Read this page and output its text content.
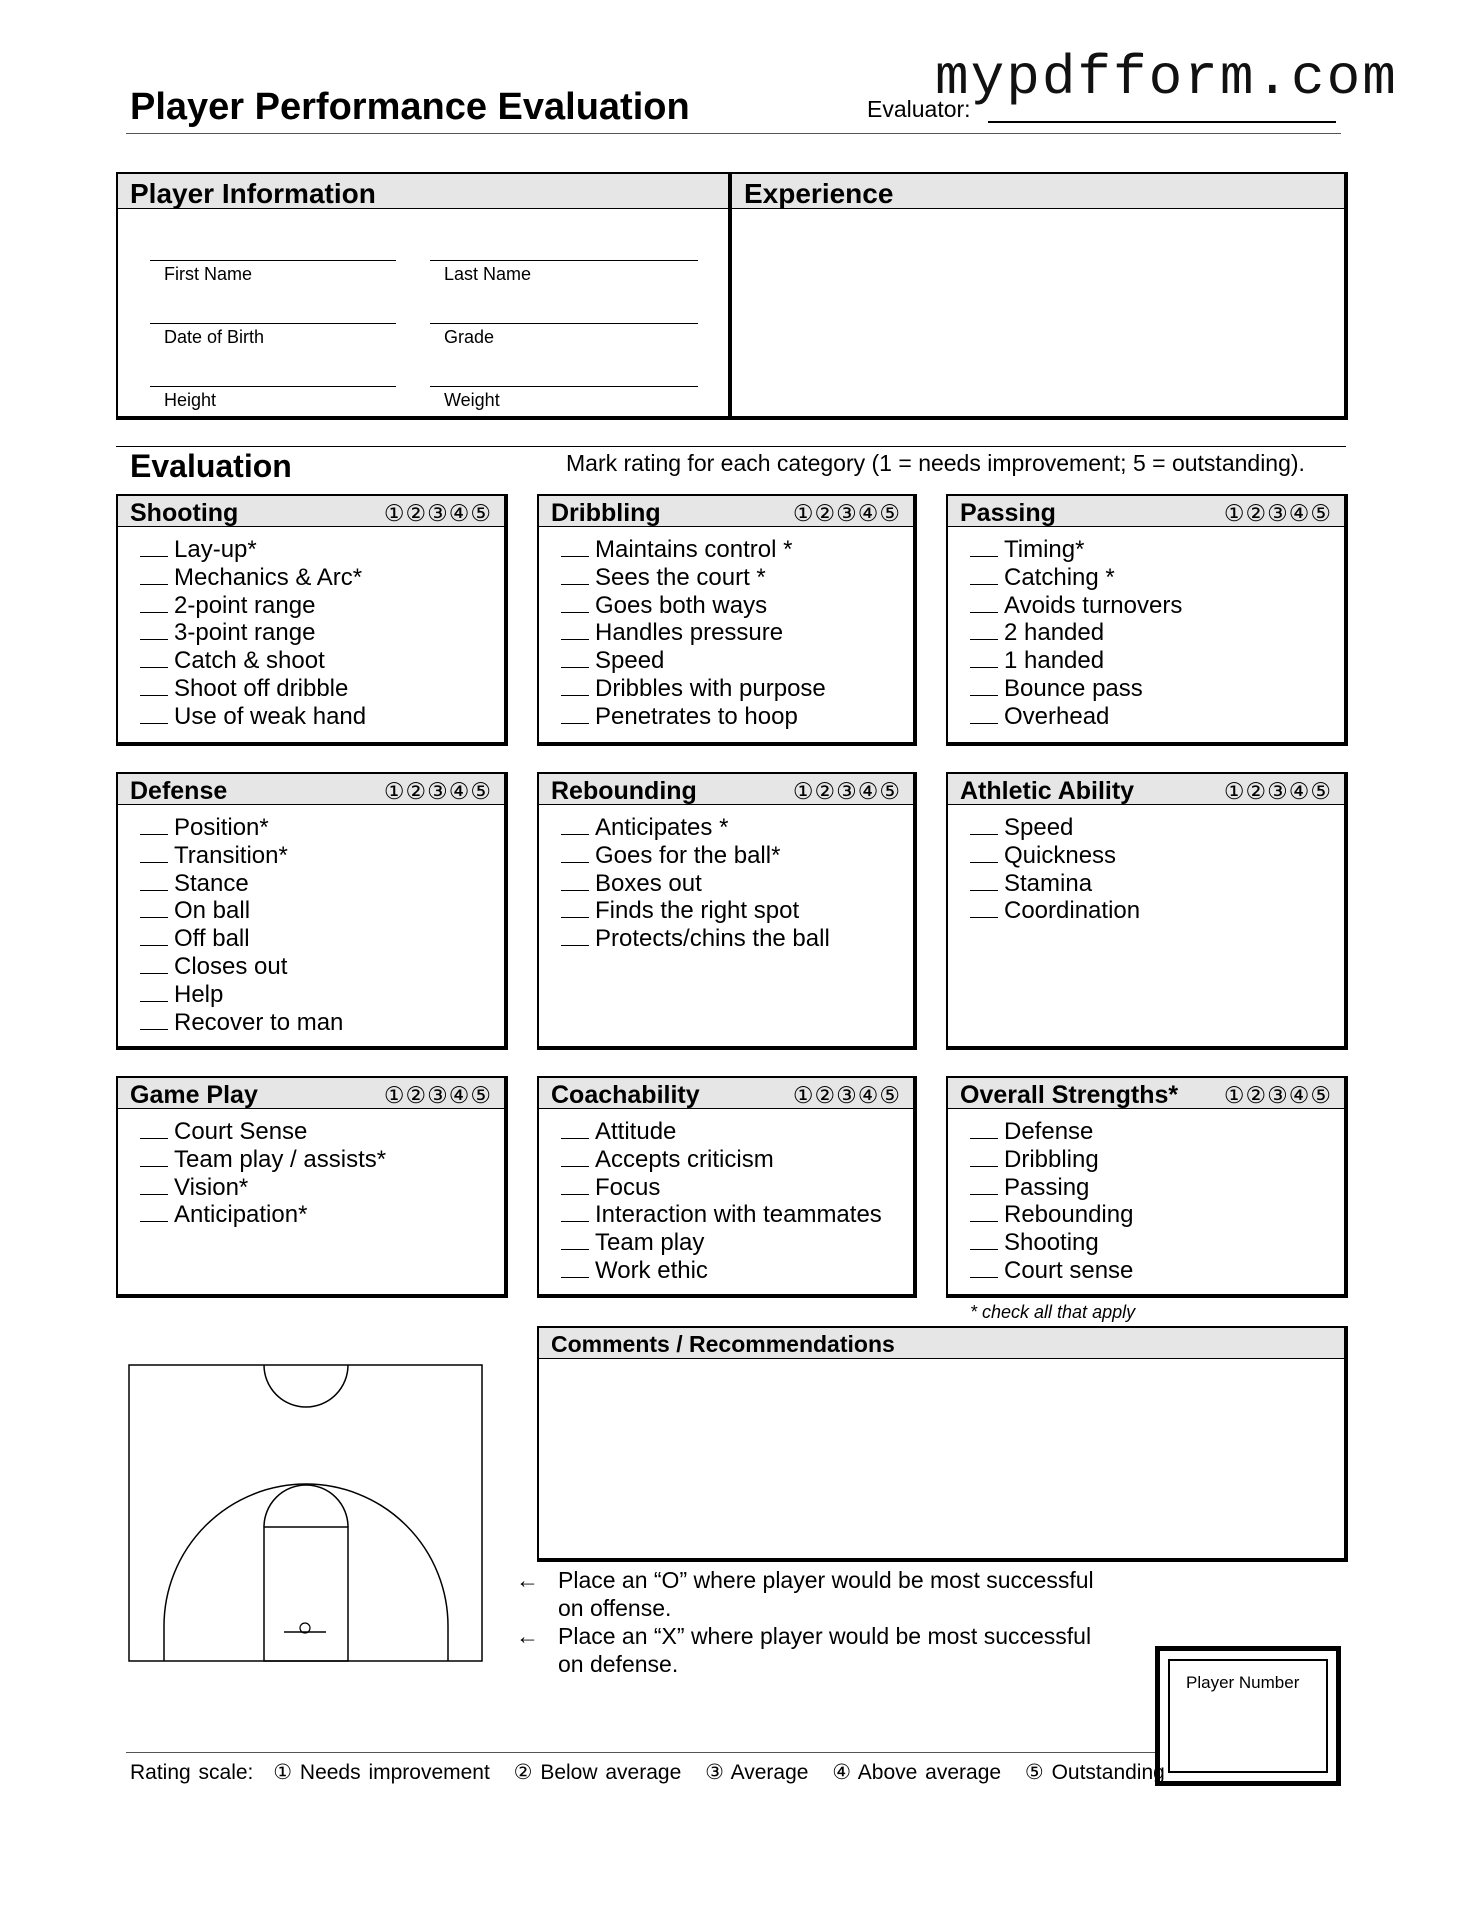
mypdfform.com
Player Performance Evaluation	Evaluator:
Player Information
First Name	Last Name
Date of Birth	Grade
Height	Weight
Experience
Evaluation	Mark rating for each category (1 = needs improvement; 5 = outstanding).
Shooting	①②③④⑤
Lay-up*
Mechanics & Arc*
2-point range
3-point range
Catch & shoot
Shoot off dribble
Use of weak hand
Dribbling	①②③④⑤
Maintains control *
Sees the court *
Goes both ways
Handles pressure
Speed
Dribbles with purpose
Penetrates to hoop
Passing	①②③④⑤
Timing*
Catching *
Avoids turnovers
2 handed
1 handed
Bounce pass
Overhead
Defense	①②③④⑤
Position*
Transition*
Stance
On ball
Off ball
Closes out
Help
Recover to man
Rebounding	①②③④⑤
Anticipates *
Goes for the ball*
Boxes out
Finds the right spot
Protects/chins the ball
Athletic Ability	①②③④⑤
Speed
Quickness
Stamina
Coordination
Game Play	①②③④⑤
Court Sense
Team play / assists*
Vision*
Anticipation*
Coachability	①②③④⑤
Attitude
Accepts criticism
Focus
Interaction with teammates
Team play
Work ethic
Overall Strengths* ①②③④⑤
Defense
Dribbling
Passing
Rebounding
Shooting
Court sense
* check all that apply
Comments / Recommendations
← Place an “O” where player would be most successful on offense.
← Place an “X” where player would be most successful on defense.
Rating scale: ① Needs improvement ② Below average ③ Average ④ Above average ⑤ Outstanding
Player Number
